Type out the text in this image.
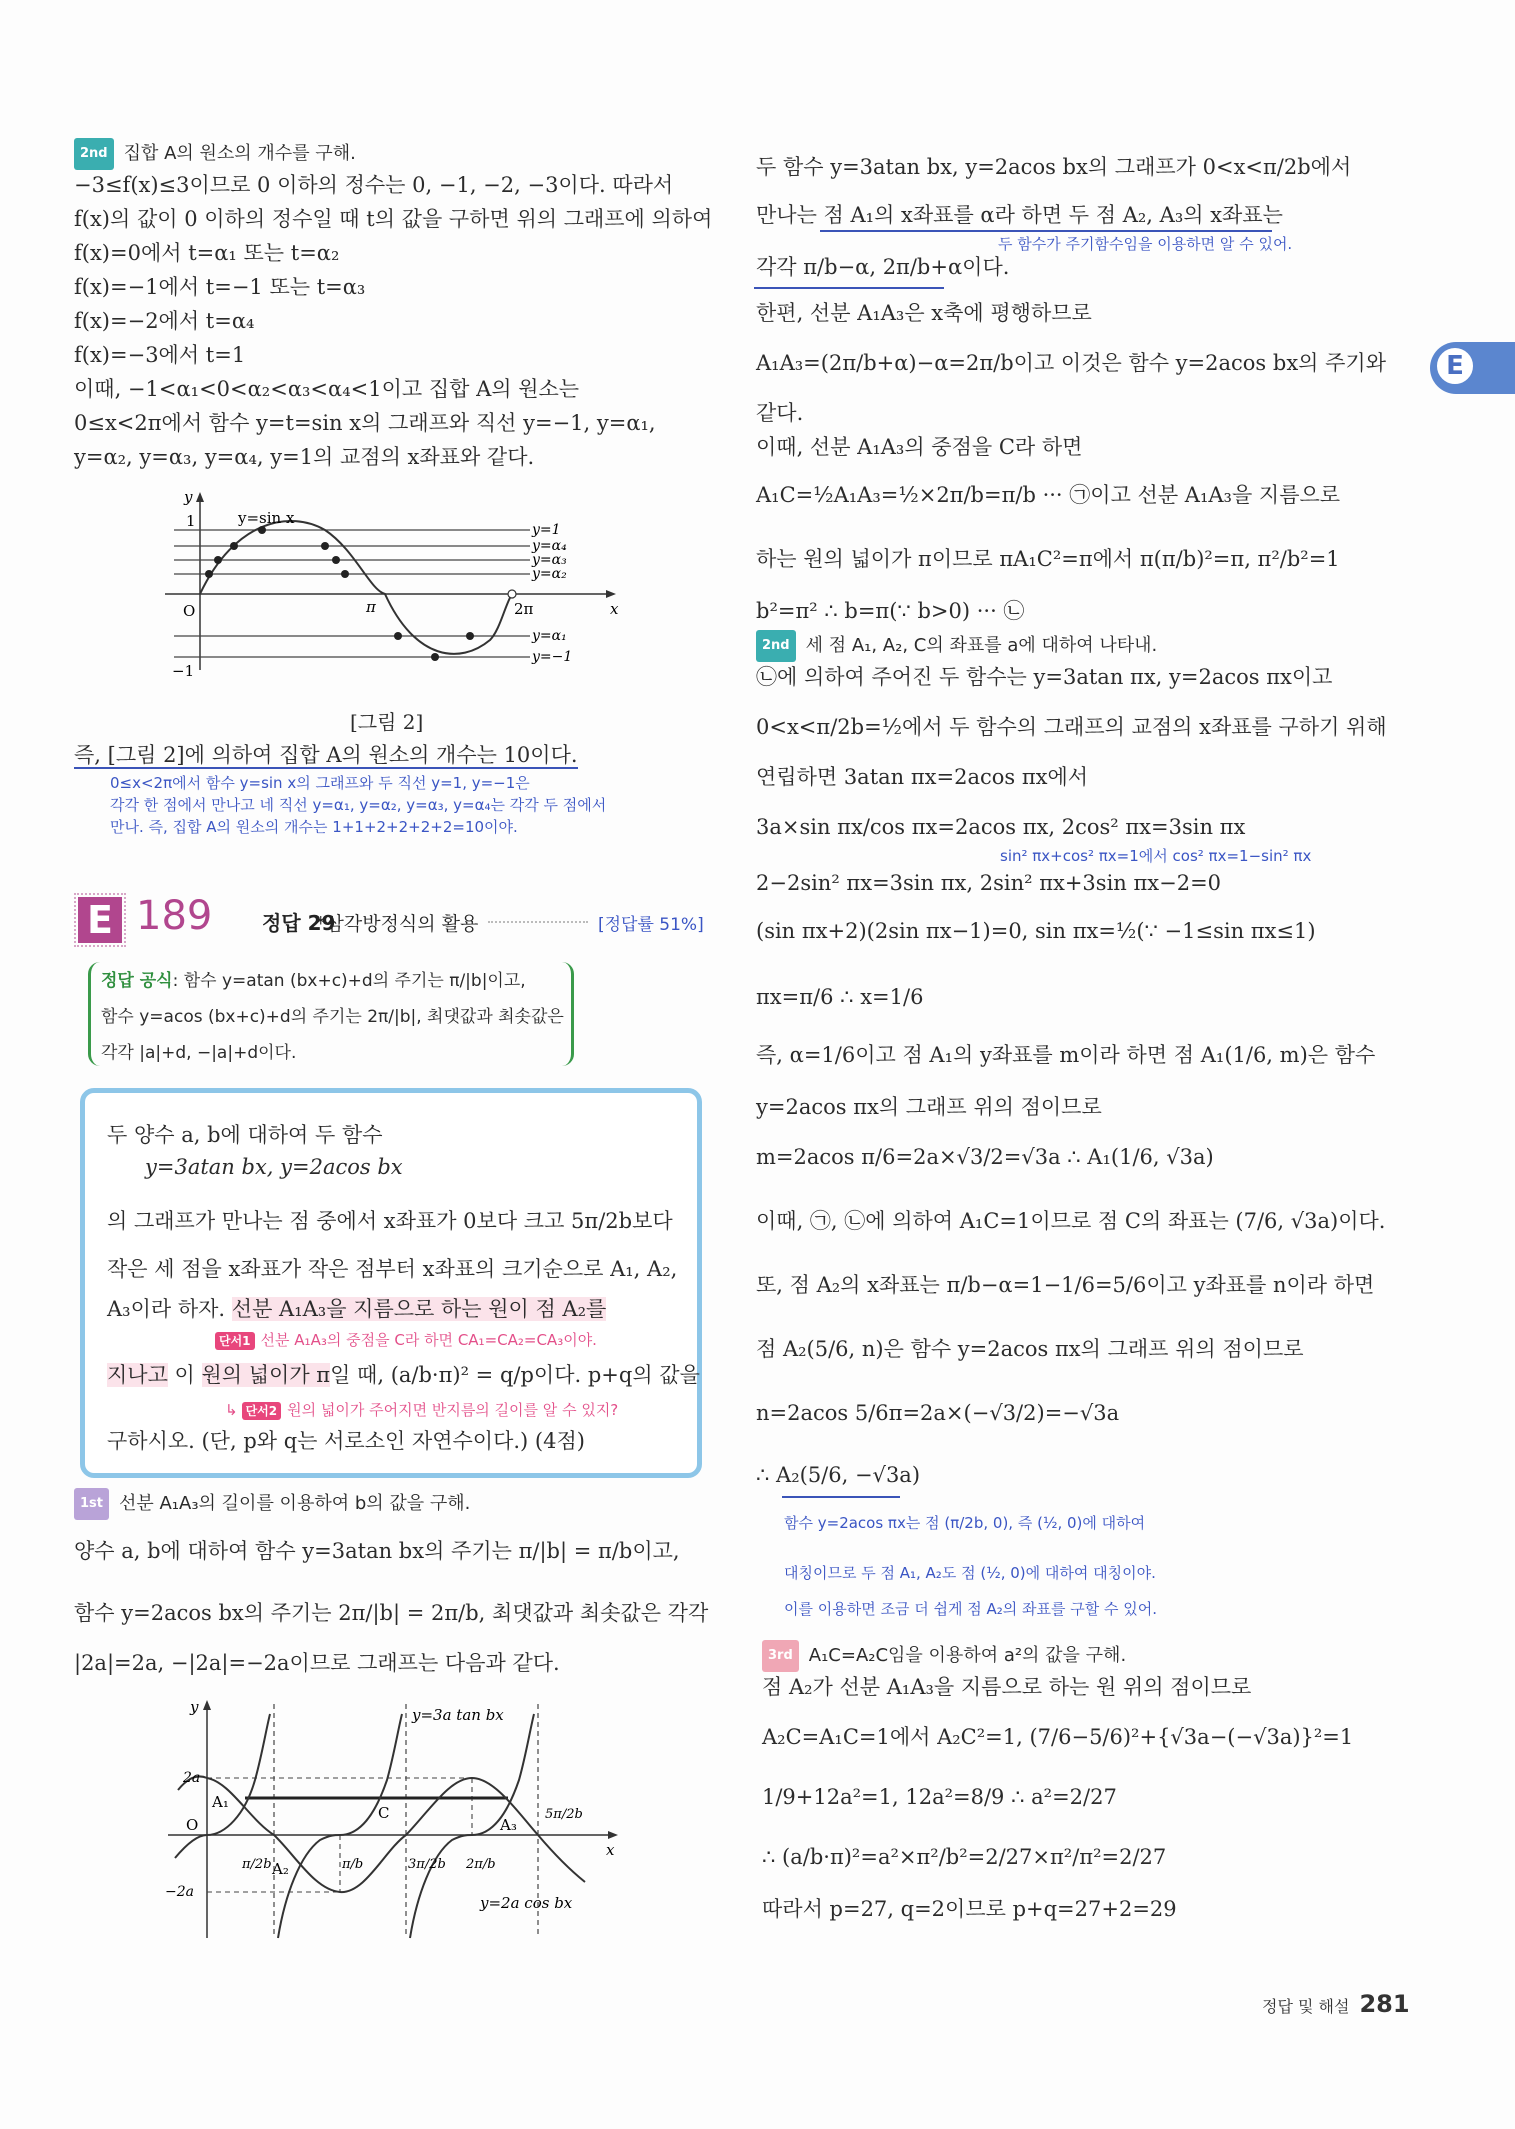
2nd 집합 A의 원소의 개수를 구해.
−3≤f(x)≤3이므로 0 이하의 정수는 0, −1, −2, −3이다. 따라서
f(x)의 값이 0 이하의 정수일 때 t의 값을 구하면 위의 그래프에 의하여
f(x)=0에서 t=α₁ 또는 t=α₂
f(x)=−1에서 t=−1 또는 t=α₃
f(x)=−2에서 t=α₄
f(x)=−3에서 t=1
이때, −1<α₁<0<α₂<α₃<α₄<1이고 집합 A의 원소는
0≤x<2π에서 함수 y=t=sin x의 그래프와 직선 y=−1, y=α₁,
y=α₂, y=α₃, y=α₄, y=1의 교점의 x좌표와 같다.
y
x
O
1
−1
π	2π
y=sin x
y=1
y=α₄
y=α₃
y=α₂
y=α₁
y=−1
[그림 2]
즉, [그림 2]에 의하여 집합 A의 원소의 개수는 10이다.
0≤x<2π에서 함수 y=sin x의 그래프와 두 직선 y=1, y=−1은
각각 한 점에서 만나고 네 직선 y=α₁, y=α₂, y=α₃, y=α₄는 각각 두 점에서
만나. 즉, 집합 A의 원소의 개수는 1+1+2+2+2+2=10이야.
E 189 정답 29
*삼각방정식의 활용	[정답률 51%]
정답 공식: 함수 y=atan (bx+c)+d의 주기는 π/|b|이고,
함수 y=acos (bx+c)+d의 주기는 2π/|b|, 최댓값과 최솟값은
각각 |a|+d, −|a|+d이다.
두 양수 a, b에 대하여 두 함수
y=3atan bx, y=2acos bx
의 그래프가 만나는 점 중에서 x좌표가 0보다 크고 5π/2b보다
작은 세 점을 x좌표가 작은 점부터 x좌표의 크기순으로 A₁, A₂,
A₃이라 하자. 선분 A₁A₃을 지름으로 하는 원이 점 A₂를
단서1 선분 A₁A₃의 중점을 C라 하면 CA₁=CA₂=CA₃이야.
지나고 이 원의 넓이가 π일 때, (a/b·π)² = q/p이다. p+q의 값을
↳ 단서2 원의 넓이가 주어지면 반지름의 길이를 알 수 있지?
구하시오. (단, p와 q는 서로소인 자연수이다.) (4점)
1st 선분 A₁A₃의 길이를 이용하여 b의 값을 구해.
양수 a, b에 대하여 함수 y=3atan bx의 주기는 π/|b| = π/b이고,
함수 y=2acos bx의 주기는 2π/|b| = 2π/b, 최댓값과 최솟값은 각각
|2a|=2a, −|2a|=−2a이므로 그래프는 다음과 같다.
y
x
O
2a
−2a
π/2b	π/b	3π/2b 2π/b
5π/2b
A₁
A₂
C
A₃
y=3a tan bx
y=2a cos bx
두 함수 y=3atan bx, y=2acos bx의 그래프가 0<x<π/2b에서
만나는 점 A₁의 x좌표를 α라 하면 두 점 A₂, A₃의 x좌표는
두 함수가 주기함수임을 이용하면 알 수 있어.
각각 π/b−α, 2π/b+α이다.
한편, 선분 A₁A₃은 x축에 평행하므로
A₁A₃=(2π/b+α)−α=2π/b이고 이것은 함수 y=2acos bx의 주기와
같다.
이때, 선분 A₁A₃의 중점을 C라 하면
A₁C=½A₁A₃=½×2π/b=π/b ··· ㉠이고 선분 A₁A₃을 지름으로
하는 원의 넓이가 π이므로 πA₁C²=π에서 π(π/b)²=π, π²/b²=1
b²=π² ∴ b=π(∵ b>0) ··· ㉡
2nd 세 점 A₁, A₂, C의 좌표를 a에 대하여 나타내.
㉡에 의하여 주어진 두 함수는 y=3atan πx, y=2acos πx이고
0<x<π/2b=½에서 두 함수의 그래프의 교점의 x좌표를 구하기 위해
연립하면 3atan πx=2acos πx에서
3a×sin πx/cos πx=2acos πx, 2cos² πx=3sin πx
sin² πx+cos² πx=1에서 cos² πx=1−sin² πx
2−2sin² πx=3sin πx, 2sin² πx+3sin πx−2=0
(sin πx+2)(2sin πx−1)=0, sin πx=½(∵ −1≤sin πx≤1)
πx=π/6 ∴ x=1/6
즉, α=1/6이고 점 A₁의 y좌표를 m이라 하면 점 A₁(1/6, m)은 함수
y=2acos πx의 그래프 위의 점이므로
m=2acos π/6=2a×√3/2=√3a ∴ A₁(1/6, √3a)
이때, ㉠, ㉡에 의하여 A₁C=1이므로 점 C의 좌표는 (7/6, √3a)이다.
또, 점 A₂의 x좌표는 π/b−α=1−1/6=5/6이고 y좌표를 n이라 하면
점 A₂(5/6, n)은 함수 y=2acos πx의 그래프 위의 점이므로
n=2acos 5/6π=2a×(−√3/2)=−√3a
∴ A₂(5/6, −√3a)
함수 y=2acos πx는 점 (π/2b, 0), 즉 (½, 0)에 대하여
대칭이므로 두 점 A₁, A₂도 점 (½, 0)에 대하여 대칭이야.
이를 이용하면 조금 더 쉽게 점 A₂의 좌표를 구할 수 있어.
3rd A₁C=A₂C임을 이용하여 a²의 값을 구해.
점 A₂가 선분 A₁A₃을 지름으로 하는 원 위의 점이므로
A₂C=A₁C=1에서 A₂C²=1, (7/6−5/6)²+{√3a−(−√3a)}²=1
1/9+12a²=1, 12a²=8/9 ∴ a²=2/27
∴ (a/b·π)²=a²×π²/b²=2/27×π²/π²=2/27
따라서 p=27, q=2이므로 p+q=27+2=29
E
정답 및 해설 281
